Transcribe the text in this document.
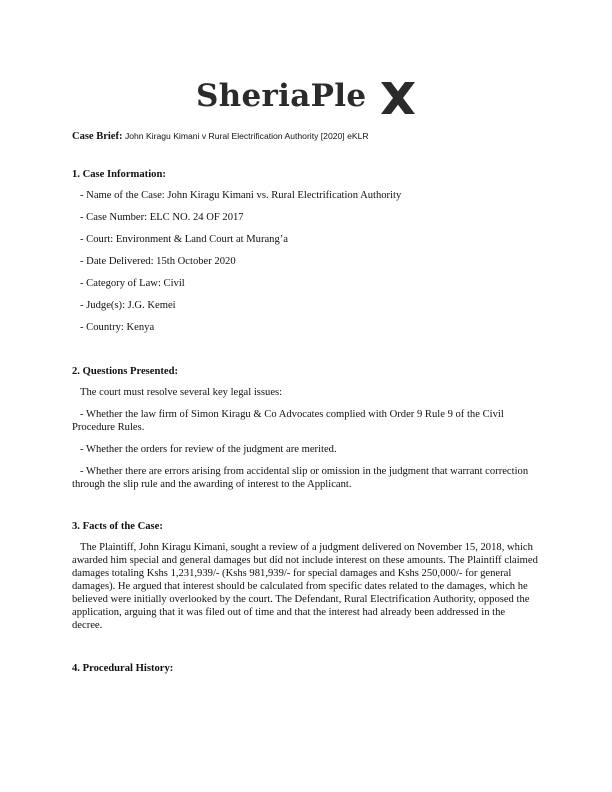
SheriaPle
Case Brief: John Kiragu Kimani v Rural Electrification Authority [2020] eKLR
1. Case Information:
- Name of the Case: John Kiragu Kimani vs. Rural Electrification Authority
- Case Number: ELC NO. 24 OF 2017
- Court: Environment & Land Court at Murang’a
- Date Delivered: 15th October 2020
- Category of Law: Civil
- Judge(s): J.G. Kemei
- Country: Kenya
2. Questions Presented:
The court must resolve several key legal issues:
- Whether the law firm of Simon Kiragu & Co Advocates complied with Order 9 Rule 9 of the Civil Procedure Rules.
- Whether the orders for review of the judgment are merited.
- Whether there are errors arising from accidental slip or omission in the judgment that warrant correction through the slip rule and the awarding of interest to the Applicant.
3. Facts of the Case:
The Plaintiff, John Kiragu Kimani, sought a review of a judgment delivered on November 15, 2018, which awarded him special and general damages but did not include interest on these amounts. The Plaintiff claimed damages totaling Kshs 1,231,939/- (Kshs 981,939/- for special damages and Kshs 250,000/- for general damages). He argued that interest should be calculated from specific dates related to the damages, which he believed were initially overlooked by the court. The Defendant, Rural Electrification Authority, opposed the application, arguing that it was filed out of time and that the interest had already been addressed in the decree.
4. Procedural History:
